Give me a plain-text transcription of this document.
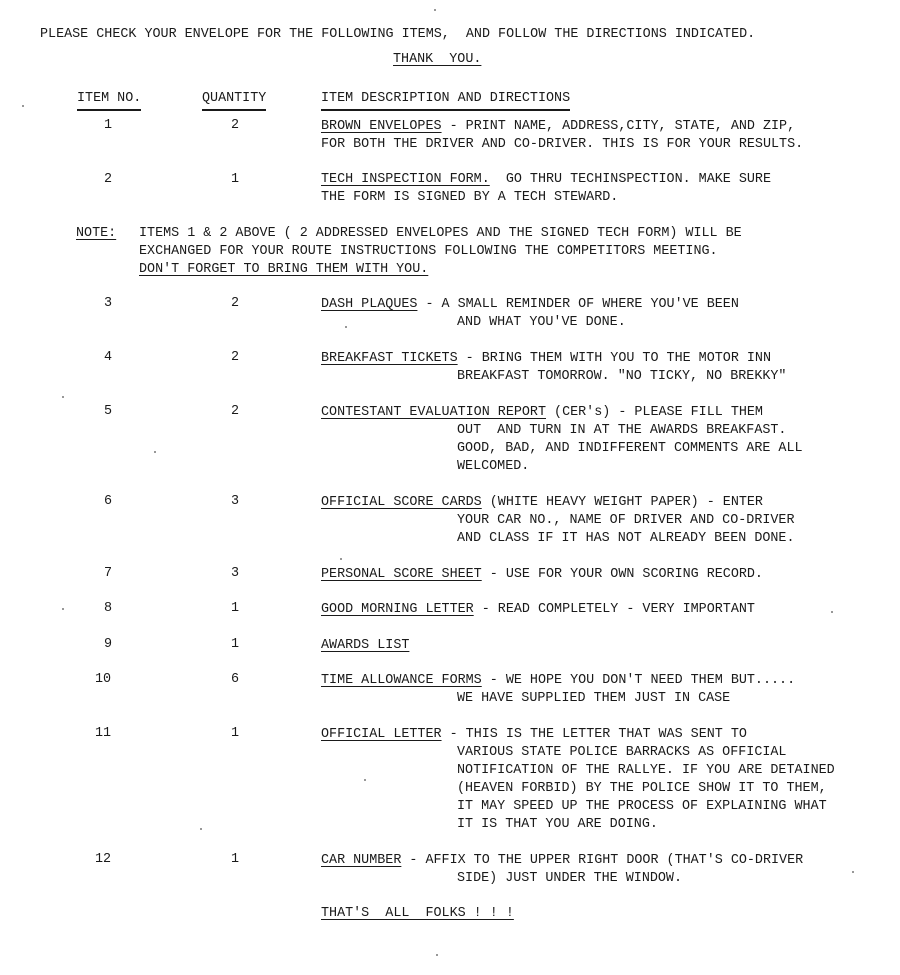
PLEASE CHECK YOUR ENVELOPE FOR THE FOLLOWING ITEMS,  AND FOLLOW THE DIRECTIONS INDICATED.
THANK  YOU.
ITEM NO.	QUANTITY	ITEM DESCRIPTION AND DIRECTIONS
1	2	BROWN ENVELOPES - PRINT NAME, ADDRESS,CITY, STATE, AND ZIP,
FOR BOTH THE DRIVER AND CO-DRIVER. THIS IS FOR YOUR RESULTS.
2	1	TECH INSPECTION FORM.  GO THRU TECHINSPECTION. MAKE SURE
THE FORM IS SIGNED BY A TECH STEWARD.
NOTE: ITEMS 1 & 2 ABOVE ( 2 ADDRESSED ENVELOPES AND THE SIGNED TECH FORM) WILL BE
EXCHANGED FOR YOUR ROUTE INSTRUCTIONS FOLLOWING THE COMPETITORS MEETING.
DON'T FORGET TO BRING THEM WITH YOU.
3	2	DASH PLAQUES - A SMALL REMINDER OF WHERE YOU'VE BEEN
AND WHAT YOU'VE DONE.
4	2	BREAKFAST TICKETS - BRING THEM WITH YOU TO THE MOTOR INN
BREAKFAST TOMORROW. "NO TICKY, NO BREKKY"
5	2	CONTESTANT EVALUATION REPORT (CER's) - PLEASE FILL THEM
OUT  AND TURN IN AT THE AWARDS BREAKFAST.
GOOD, BAD, AND INDIFFERENT COMMENTS ARE ALL
WELCOMED.
6	3	OFFICIAL SCORE CARDS (WHITE HEAVY WEIGHT PAPER) - ENTER
YOUR CAR NO., NAME OF DRIVER AND CO-DRIVER
AND CLASS IF IT HAS NOT ALREADY BEEN DONE.
7	3	PERSONAL SCORE SHEET - USE FOR YOUR OWN SCORING RECORD.
8	1	GOOD MORNING LETTER - READ COMPLETELY - VERY IMPORTANT
9	1	AWARDS LIST
10	6	TIME ALLOWANCE FORMS - WE HOPE YOU DON'T NEED THEM BUT.....
WE HAVE SUPPLIED THEM JUST IN CASE
11	1	OFFICIAL LETTER - THIS IS THE LETTER THAT WAS SENT TO
VARIOUS STATE POLICE BARRACKS AS OFFICIAL
NOTIFICATION OF THE RALLYE. IF YOU ARE DETAINED
(HEAVEN FORBID) BY THE POLICE SHOW IT TO THEM,
IT MAY SPEED UP THE PROCESS OF EXPLAINING WHAT
IT IS THAT YOU ARE DOING.
12	1	CAR NUMBER - AFFIX TO THE UPPER RIGHT DOOR (THAT'S CO-DRIVER
SIDE) JUST UNDER THE WINDOW.
THAT'S  ALL  FOLKS ! ! !
